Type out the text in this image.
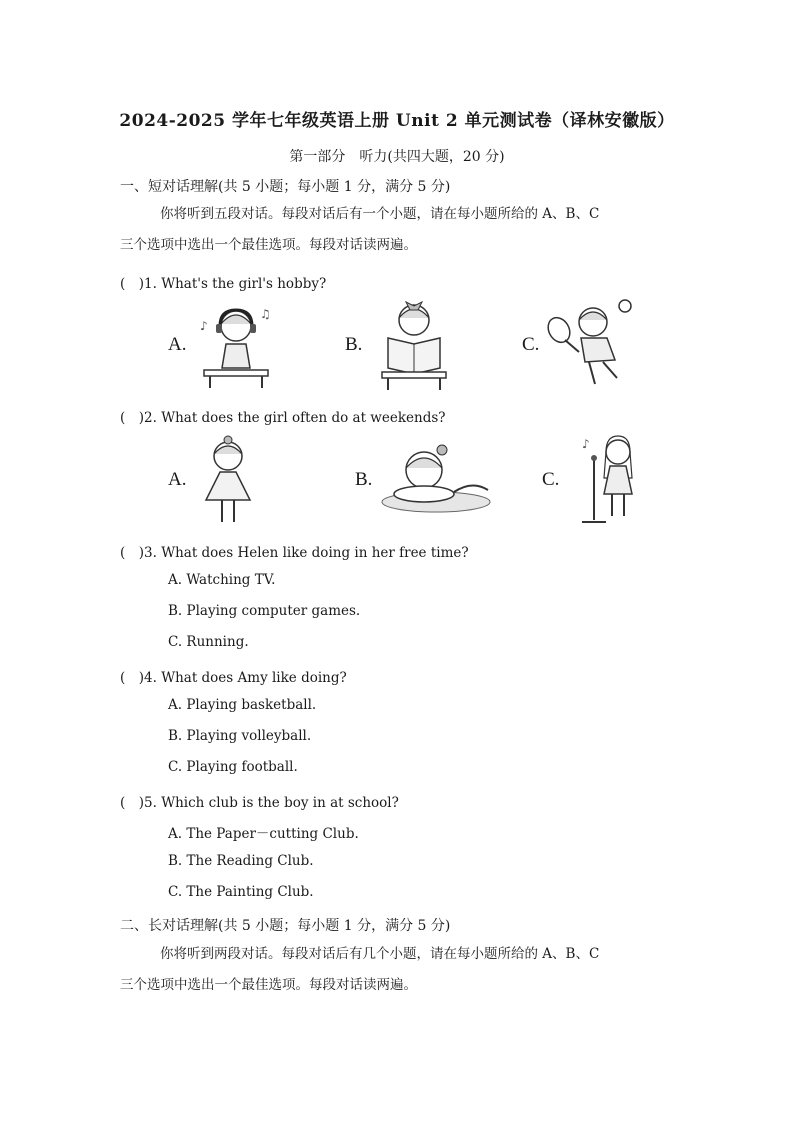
2024-2025 学年七年级英语上册 Unit 2 单元测试卷（译林安徽版）
第一部分　听力(共四大题，20 分)
一、短对话理解(共 5 小题；每小题 1 分，满分 5 分)
你将听到五段对话。每段对话后有一个小题，请在每小题所给的 A、B、C
三个选项中选出一个最佳选项。每段对话读两遍。
(　)1. What's the girl's hobby?
A.
♪
♫
B.	C.
(　)2. What does the girl often do at weekends?
A.	B.	C.
♪
(　)3. What does Helen like doing in her free time?
A. Watching TV.
B. Playing computer games.
C. Running.
(　)4. What does Amy like doing?
A. Playing basketball.
B. Playing volleyball.
C. Playing football.
(　)5. Which club is the boy in at school?
A. The Paper－cutting Club.
B. The Reading Club.
C. The Painting Club.
二、长对话理解(共 5 小题；每小题 1 分，满分 5 分)
你将听到两段对话。每段对话后有几个小题，请在每小题所给的 A、B、C
三个选项中选出一个最佳选项。每段对话读两遍。
